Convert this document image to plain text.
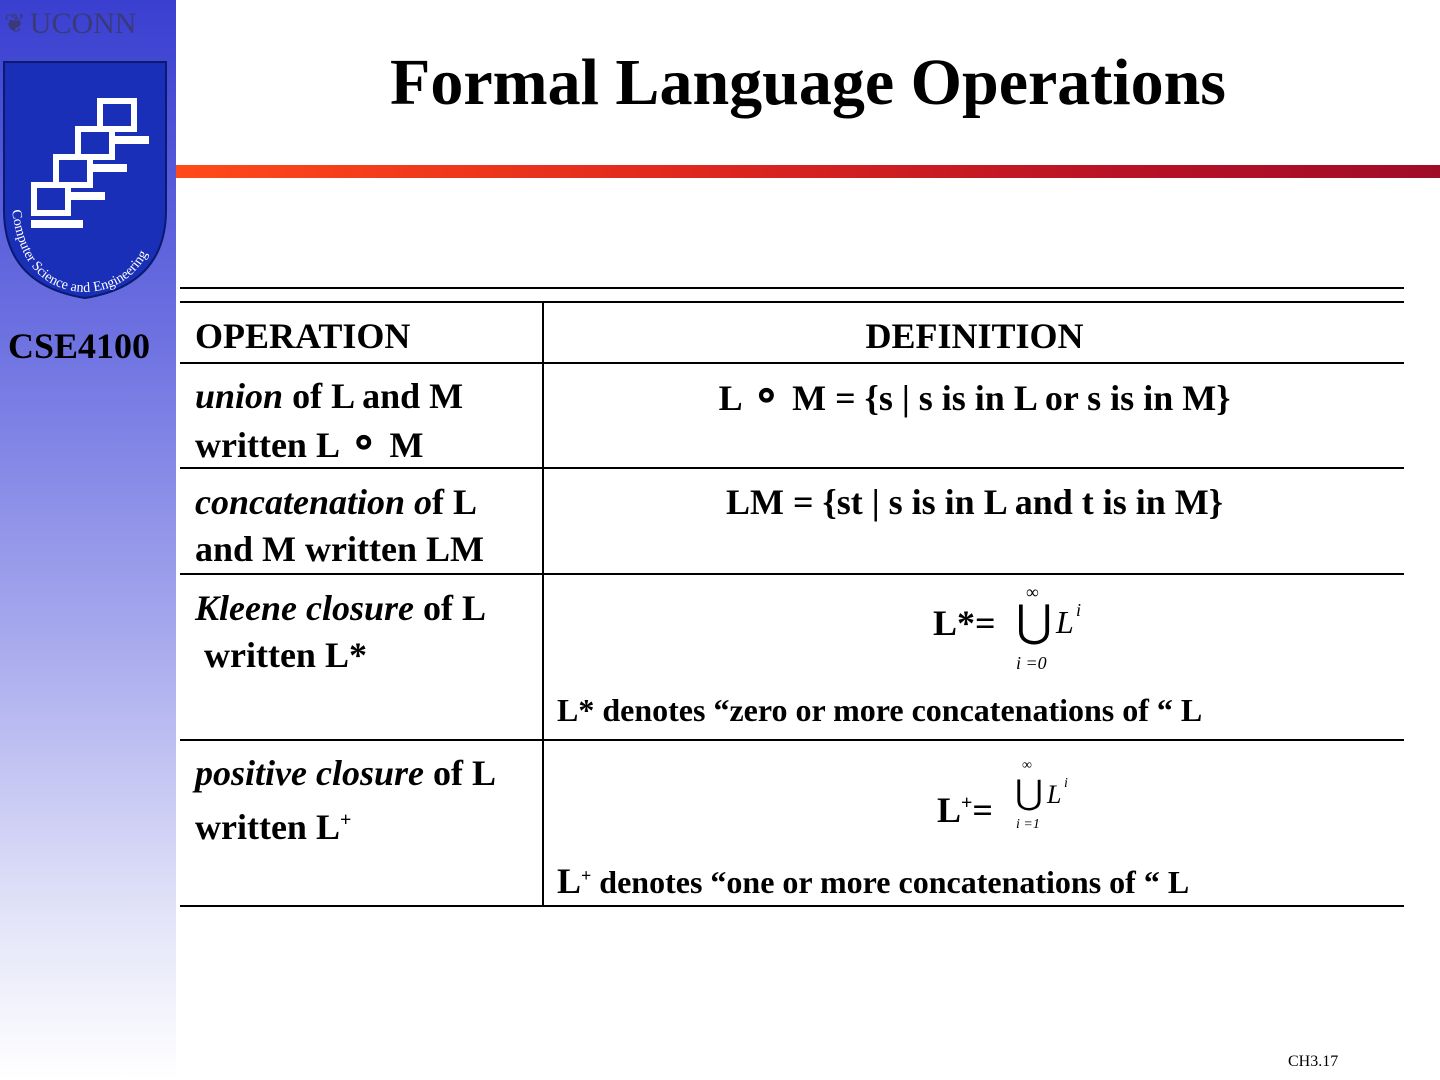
❦ UCONN
Computer Science and Engineering
CSE4100
Formal Language Operations
OPERATION	DEFINITION
union of L and M
written L ⚬ M
L ⚬ M = {s | s is in L or s is in M}
concatenation of L
and M written LM
LM = {st | s is in L and t is in M}
Kleene closure of L
written L*
L*=
∞
⋃ L i
i =0
L* denotes “zero or more concatenations of “ L
positive closure of L
written L+	L+=
∞
⋃ L i
i =1
L+ denotes “one or more concatenations of “ L
CH3.17
